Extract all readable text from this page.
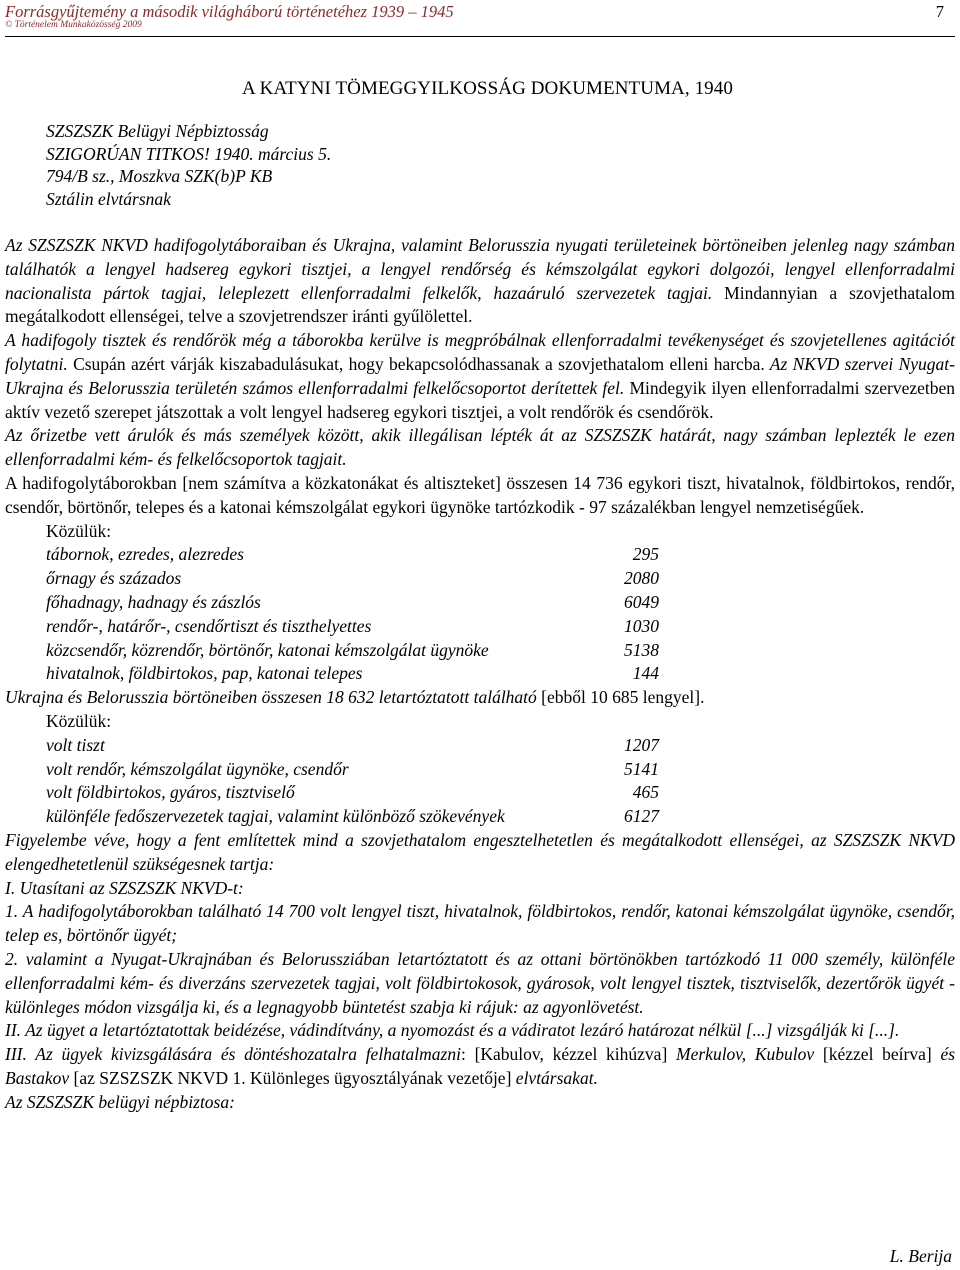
Forrásgyűjtemény a második világháború történetéhez 1939 – 1945
© Történelem Munkaközösség 2009
7
A KATYNI TÖMEGGYILKOSSÁG DOKUMENTUMA, 1940
SZSZSZK Belügyi Népbiztosság
SZIGORÚAN TITKOS! 1940. március 5.
794/B sz., Moszkva SZK(b)P KB
Sztálin elvtársnak

Az SZSZSZK NKVD hadifogolytáboraiban és Ukrajna, valamint Belorusszia nyugati területeinek börtöneiben jelenleg nagy számban találhatók a lengyel hadsereg egykori tisztjei, a lengyel rendőrség és kémszolgálat egykori dolgozói, lengyel ellenforradalmi nacionalista pártok tagjai, leleplezett ellenforradalmi felkelők, hazaáruló szervezetek tagjai. Mindannyian a szovjethatalom megátalkodott ellenségei, telve a szovjetrendszer iránti gyűlölettel.

A hadifogoly tisztek és rendőrök még a táborokba kerülve is megpróbálnak ellenforradalmi tevékenységet és szovjetellenes agitációt folytatni. Csupán azért várják kiszabadulásukat, hogy bekapcsolódhassanak a szovjethatalom elleni harcba. Az NKVD szervei Nyugat-Ukrajna és Belorusszia területén számos ellenforradalmi felkelőcsoportot derítettek fel. Mindegyik ilyen ellenforradalmi szervezetben aktív vezető szerepet játszottak a volt lengyel hadsereg egykori tisztjei, a volt rendőrök és csendőrök.

Az őrizetbe vett árulók és más személyek között, akik illegálisan lépték át az SZSZSZK határát, nagy számban leplezték le ezen ellenforradalmi kém- és felkelőcsoportok tagjait.

A hadifogolytáborokban [nem számítva a közkatonákat és altiszteket] összesen 14 736 egykori tiszt, hivatalnok, földbirtokos, rendőr, csendőr, börtönőr, telepes és a katonai kémszolgálat egykori ügynöke tartózkodik - 97 százalékban lengyel nemzetiségűek.

Közülük:
tábornok, ezredes, alezredes	295
őrnagy és százados	2080
főhadnagy, hadnagy és zászlós	6049
rendőr-, határőr-, csendőrtiszt és tiszthelyettes	1030
közcsendőr, közrendőr, börtönőr, katonai kémszolgálat ügynöke	5138
hivatalnok, földbirtokos, pap, katonai telepes	144

Ukrajna és Belorusszia börtöneiben összesen 18 632 letartóztatott található [ebből 10 685 lengyel].

Közülük:
volt tiszt	1207
volt rendőr, kémszolgálat ügynöke, csendőr	5141
volt földbirtokos, gyáros, tisztviselő	465
különféle fedőszervezetek tagjai, valamint különböző szökevények	6127

Figyelembe véve, hogy a fent említettek mind a szovjethatalom engesztelhetetlen és megátalkodott ellenségei, az SZSZSZK NKVD elengedhetetlenül szükségesnek tartja:

I. Utasítani az SZSZSZK NKVD-t:

1. A hadifogolytáborokban található 14 700 volt lengyel tiszt, hivatalnok, földbirtokos, rendőr, katonai kémszolgálat ügynöke, csendőr, telep es, börtönőr ügyét;

2. valamint a Nyugat-Ukrajnában és Belorussziában letartóztatott és az ottani börtönökben tartózkodó 11 000 személy, különféle ellenforradalmi kém- és diverzáns szervezetek tagjai, volt földbirtokosok, gyárosok, volt lengyel tisztek, tisztviselők, dezertőrök ügyét - különleges módon vizsgálja ki, és a legnagyobb büntetést szabja ki rájuk: az agyonlövetést.

II. Az ügyet a letartóztatottak beidézése, vádindítvány, a nyomozást és a vádiratot lezáró határozat nélkül [...] vizsgálják ki [...].

III. Az ügyek kivizsgálására és döntéshozatalra felhatalmazni: [Kabulov, kézzel kihúzva] Merkulov, Kubulov [kézzel beírva] és Bastakov [az SZSZSZK NKVD 1. Különleges ügyosztályának vezetője] elvtársakat.

Az SZSZSZK belügyi népbiztosa:

L. Berija
